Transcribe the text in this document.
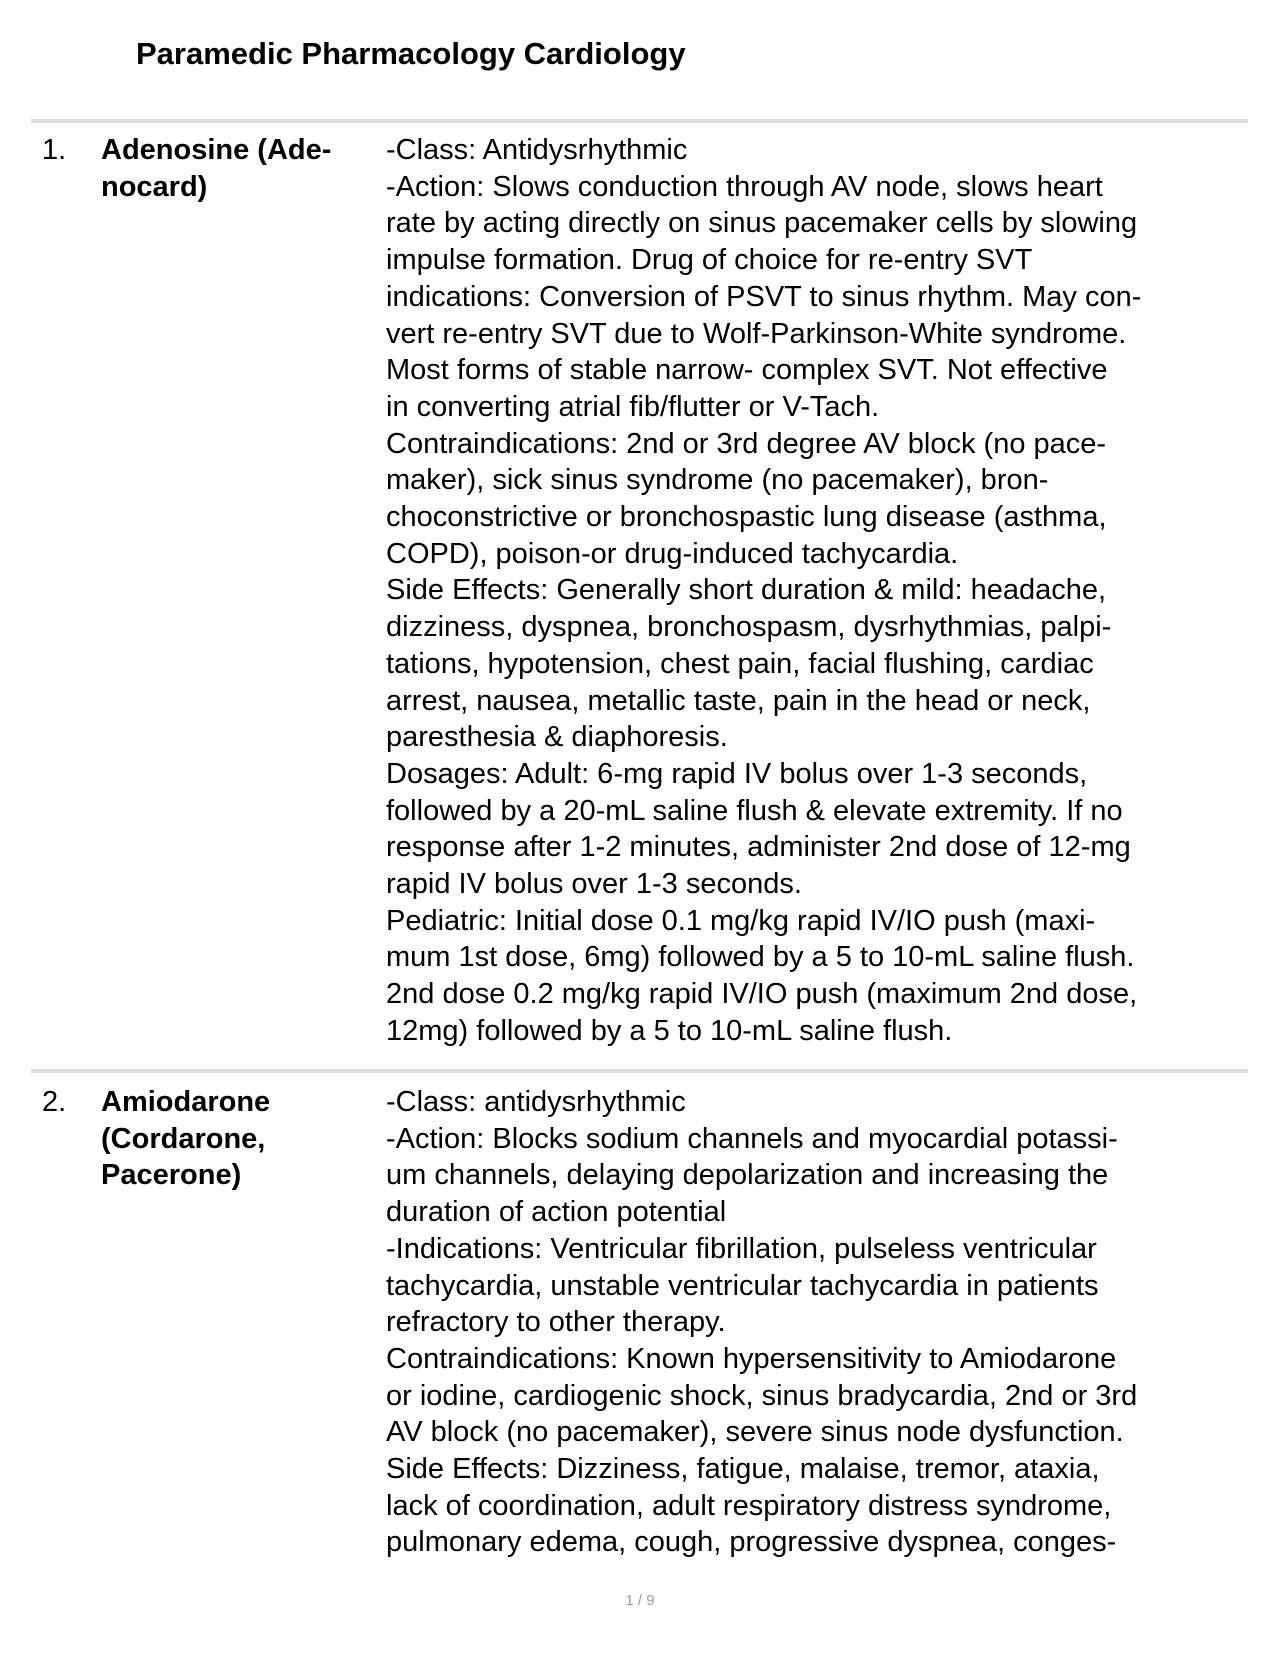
Paramedic Pharmacology Cardiology
1. Adenosine (Ade-
nocard)
-Class: Antidysrhythmic
-Action: Slows conduction through AV node, slows heart
rate by acting directly on sinus pacemaker cells by slowing
impulse formation. Drug of choice for re-entry SVT
indications: Conversion of PSVT to sinus rhythm. May con-
vert re-entry SVT due to Wolf-Parkinson-White syndrome.
Most forms of stable narrow- complex SVT. Not effective
in converting atrial fib/flutter or V-Tach.
Contraindications: 2nd or 3rd degree AV block (no pace-
maker), sick sinus syndrome (no pacemaker), bron-
choconstrictive or bronchospastic lung disease (asthma,
COPD), poison-or drug-induced tachycardia.
Side Effects: Generally short duration & mild: headache,
dizziness, dyspnea, bronchospasm, dysrhythmias, palpi-
tations, hypotension, chest pain, facial flushing, cardiac
arrest, nausea, metallic taste, pain in the head or neck,
paresthesia & diaphoresis.
Dosages: Adult: 6-mg rapid IV bolus over 1-3 seconds,
followed by a 20-mL saline flush & elevate extremity. If no
response after 1-2 minutes, administer 2nd dose of 12-mg
rapid IV bolus over 1-3 seconds.
Pediatric: Initial dose 0.1 mg/kg rapid IV/IO push (maxi-
mum 1st dose, 6mg) followed by a 5 to 10-mL saline flush.
2nd dose 0.2 mg/kg rapid IV/IO push (maximum 2nd dose,
12mg) followed by a 5 to 10-mL saline flush.
2. Amiodarone
(Cordarone,
Pacerone)
-Class: antidysrhythmic
-Action: Blocks sodium channels and myocardial potassi-
um channels, delaying depolarization and increasing the
duration of action potential
-Indications: Ventricular fibrillation, pulseless ventricular
tachycardia, unstable ventricular tachycardia in patients
refractory to other therapy.
Contraindications: Known hypersensitivity to Amiodarone
or iodine, cardiogenic shock, sinus bradycardia, 2nd or 3rd
AV block (no pacemaker), severe sinus node dysfunction.
Side Effects: Dizziness, fatigue, malaise, tremor, ataxia,
lack of coordination, adult respiratory distress syndrome,
pulmonary edema, cough, progressive dyspnea, conges-
1 / 9
